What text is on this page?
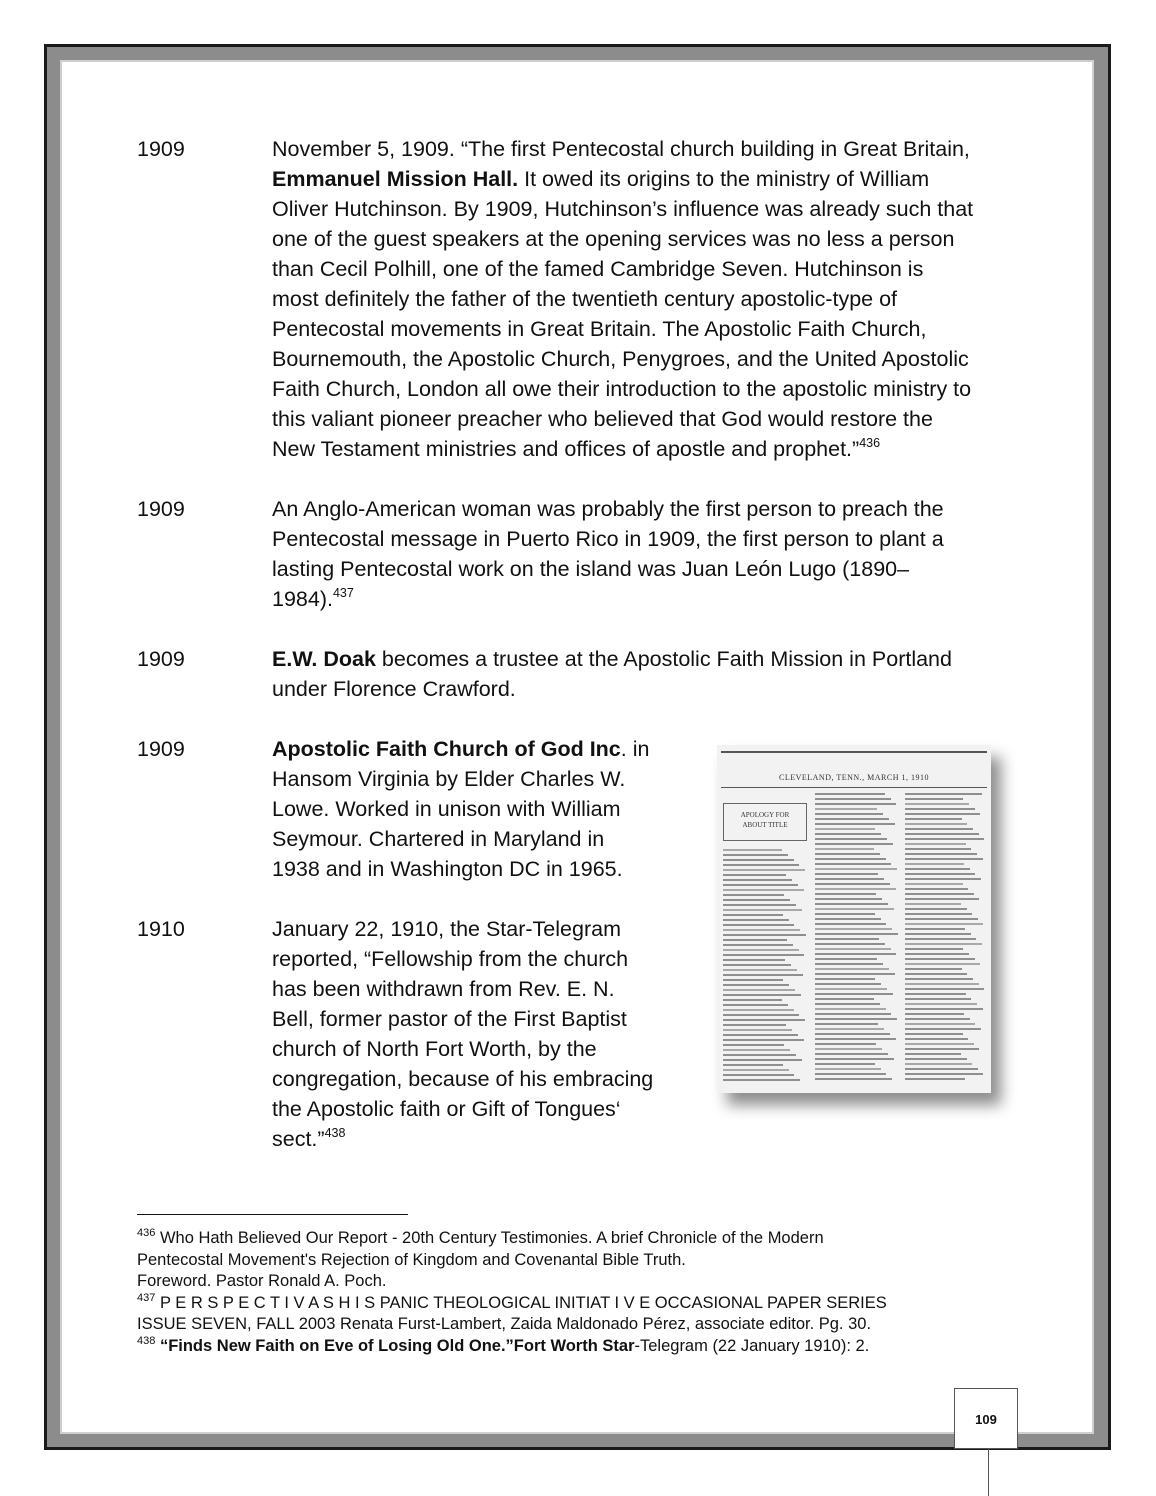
1909	November 5, 1909. “The first Pentecostal church building in Great Britain,
Emmanuel Mission Hall. It owed its origins to the ministry of William
Oliver Hutchinson. By 1909, Hutchinson’s influence was already such that
one of the guest speakers at the opening services was no less a person
than Cecil Polhill, one of the famed Cambridge Seven. Hutchinson is
most definitely the father of the twentieth century apostolic-type of
Pentecostal movements in Great Britain. The Apostolic Faith Church,
Bournemouth, the Apostolic Church, Penygroes, and the United Apostolic
Faith Church, London all owe their introduction to the apostolic ministry to
this valiant pioneer preacher who believed that God would restore the
New Testament ministries and offices of apostle and prophet.”$^{436}$
1909	An Anglo-American woman was probably the first person to preach the
Pentecostal message in Puerto Rico in 1909, the first person to plant a
lasting Pentecostal work on the island was Juan León Lugo (1890–
1984).$^{437}$
1909	E.W. Doak becomes a trustee at the Apostolic Faith Mission in Portland
under Florence Crawford.
1909	Apostolic Faith Church of God Inc. in
Hansom Virginia by Elder Charles W.
Lowe. Worked in unison with William
Seymour. Chartered in Maryland in
1938 and in Washington DC in 1965.
1910	January 22, 1910, the Star-Telegram
reported, “Fellowship from the church
has been withdrawn from Rev. E. N.
Bell, former pastor of the First Baptist
church of North Fort Worth, by the
congregation, because of his embracing
the Apostolic faith or Gift of Tongues‘
sect.”$^{438}$
CLEVELAND, TENN., MARCH 1, 1910
APOLOGY FOR
ABOUT TITLE
$^{436}$ Who Hath Believed Our Report - 20th Century Testimonies. A brief Chronicle of the Modern
Pentecostal Movement's Rejection of Kingdom and Covenantal Bible Truth.
Foreword. Pastor Ronald A. Poch.
$^{437}$ P E R S P E C T I V A S H I S PANIC THEOLOGICAL INITIAT I V E OCCASIONAL PAPER SERIES
ISSUE SEVEN, FALL 2003 Renata Furst-Lambert, Zaida Maldonado Pérez, associate editor. Pg. 30.
$^{438}$ “Finds New Faith on Eve of Losing Old One.”Fort Worth Star-Telegram (22 January 1910): 2.
109
